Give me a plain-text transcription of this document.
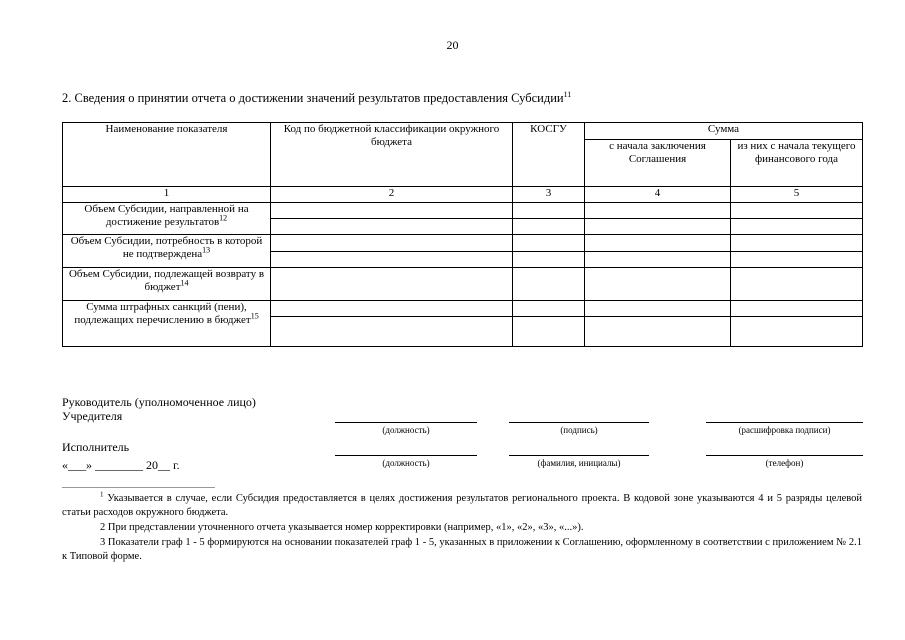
20
2. Сведения о принятии отчета о достижении значений результатов предоставления Субсидии$^{11}$
Наименование показателя	Код по бюджетной классификации окружного бюджета	КОСГУ	Сумма	
			с начала заключения Соглашения	из них с начала текущего финансового года
1	2	3	4	5
Объем Субсидии, направленной на достижение результатов$^{12}$				

Объем Субсидии, потребность в которой не подтверждена$^{13}$				

Объем Субсидии, подлежащей возврату в бюджет$^{14}$				
Сумма штрафных санкций (пени), подлежащих перечислению в бюджет$^{15}$				

Руководитель (уполномоченное лицо)
Учредителя
(должность)	(подпись)	(расшифровка подписи)
Исполнитель
«___» ________ 20__ г.	(должность)	(фамилия, инициалы)	(телефон)
$^1$ Указывается в случае, если Субсидия предоставляется в целях достижения результатов регионального проекта. В кодовой зоне указываются 4 и 5 разряды целевой статьи расходов окружного бюджета.
2 При представлении уточненного отчета указывается номер корректировки (например, «1», «2», «3», «...»).
3 Показатели граф 1 - 5 формируются на основании показателей граф 1 - 5, указанных в приложении к Соглашению, оформленному в соответствии с приложением № 2.1 к Типовой форме.
